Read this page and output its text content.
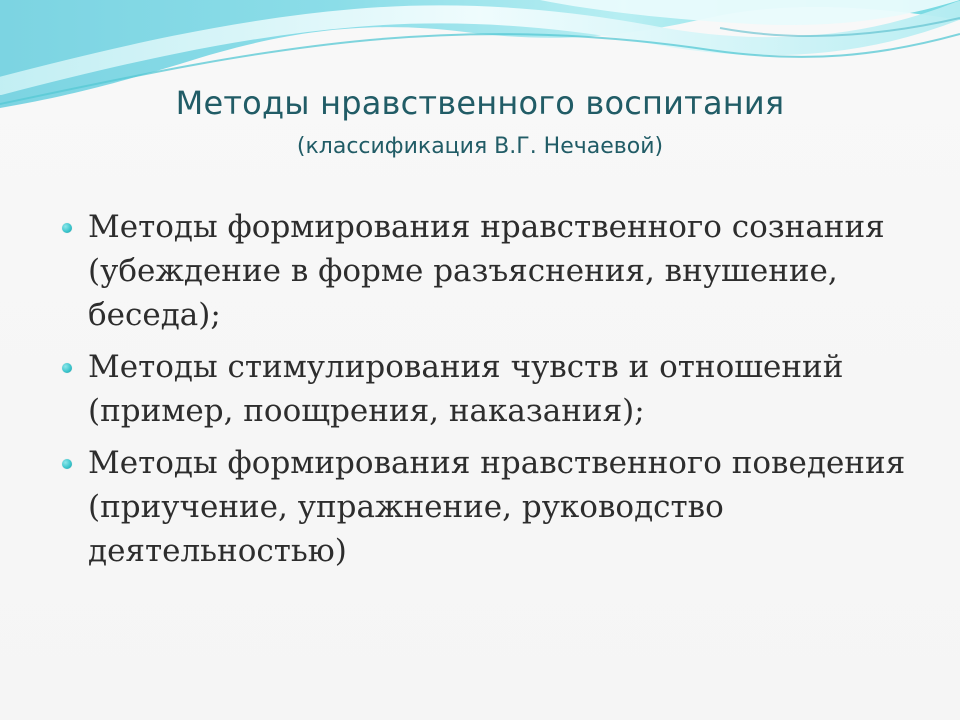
Методы нравственного воспитания
(классификация В.Г. Нечаевой)
Методы формирования нравственного сознания
(убеждение в форме разъяснения, внушение,
беседа);
Методы стимулирования чувств и отношений
(пример, поощрения, наказания);
Методы формирования нравственного поведения
(приучение, упражнение, руководство
деятельностью)
